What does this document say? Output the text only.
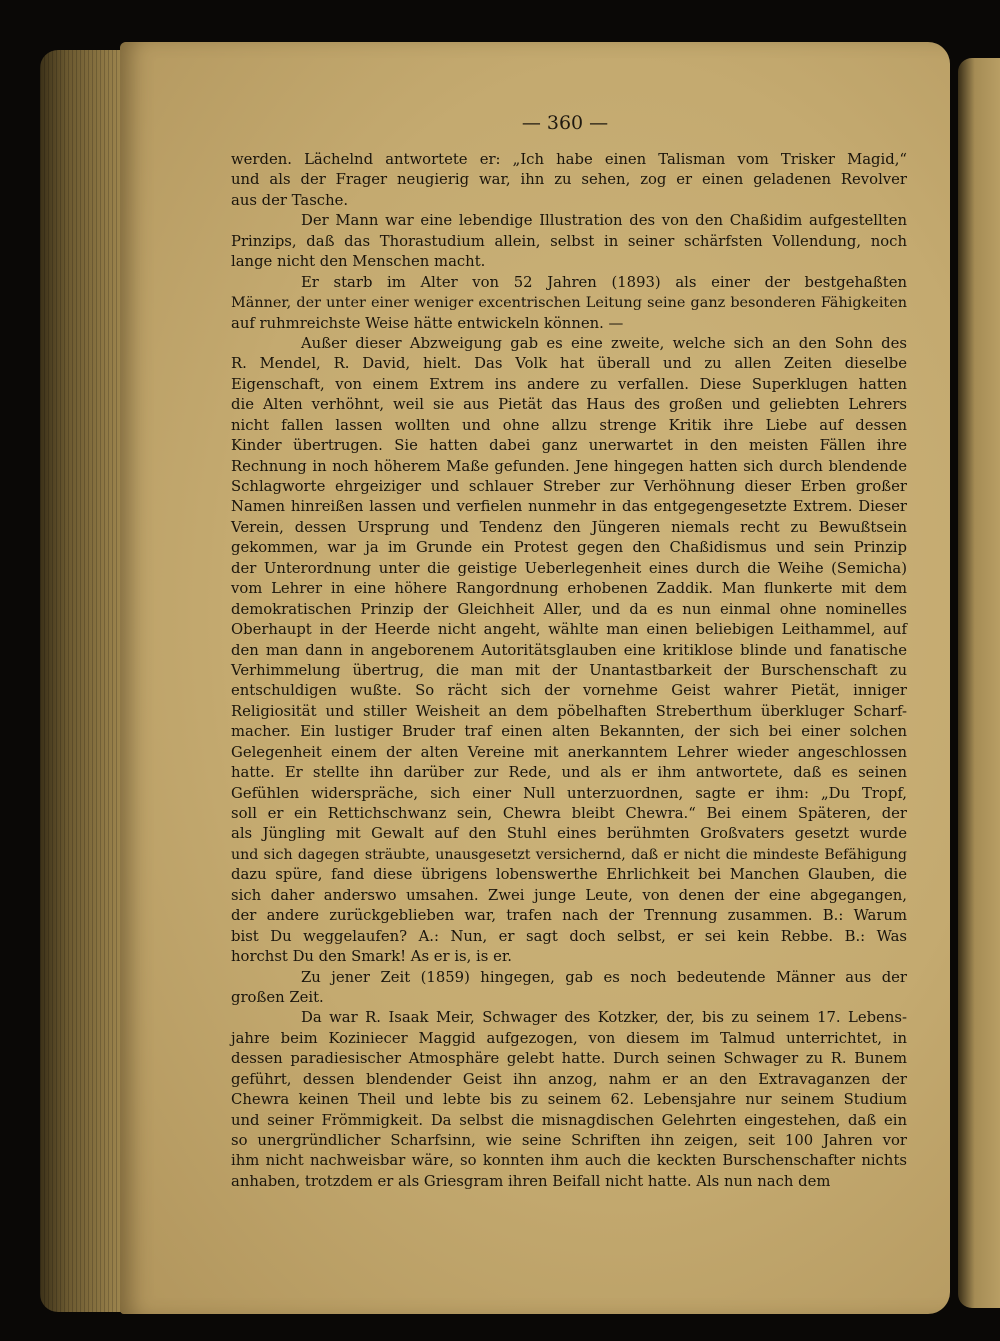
— 360 —

werden. Lächelnd antwortete er: „Ich habe einen Talisman vom Trisker Magid,“
und als der Frager neugierig war, ihn zu sehen, zog er einen geladenen Revolver
aus der Tasche.

Der Mann war eine lebendige Illustration des von den Chaßidim aufgestellten
Prinzips, daß das Thorastudium allein, selbst in seiner schärfsten Vollendung, noch
lange nicht den Menschen macht.

Er starb im Alter von 52 Jahren (1893) als einer der bestgehaßten
Männer, der unter einer weniger excentrischen Leitung seine ganz besonderen Fähigkeiten
auf ruhmreichste Weise hätte entwickeln können. —

Außer dieser Abzweigung gab es eine zweite, welche sich an den Sohn des
R. Mendel, R. David, hielt. Das Volk hat überall und zu allen Zeiten dieselbe
Eigenschaft, von einem Extrem ins andere zu verfallen. Diese Superklugen hatten
die Alten verhöhnt, weil sie aus Pietät das Haus des großen und geliebten Lehrers
nicht fallen lassen wollten und ohne allzu strenge Kritik ihre Liebe auf dessen
Kinder übertrugen. Sie hatten dabei ganz unerwartet in den meisten Fällen ihre
Rechnung in noch höherem Maße gefunden. Jene hingegen hatten sich durch blendende
Schlagworte ehrgeiziger und schlauer Streber zur Verhöhnung dieser Erben großer
Namen hinreißen lassen und verfielen nunmehr in das entgegengesetzte Extrem. Dieser
Verein, dessen Ursprung und Tendenz den Jüngeren niemals recht zu Bewußtsein
gekommen, war ja im Grunde ein Protest gegen den Chaßidismus und sein Prinzip
der Unterordnung unter die geistige Ueberlegenheit eines durch die Weihe (Semicha)
vom Lehrer in eine höhere Rangordnung erhobenen Zaddik. Man flunkerte mit dem
demokratischen Prinzip der Gleichheit Aller, und da es nun einmal ohne nominelles
Oberhaupt in der Heerde nicht angeht, wählte man einen beliebigen Leithammel, auf
den man dann in angeborenem Autoritätsglauben eine kritiklose blinde und fanatische
Verhimmelung übertrug, die man mit der Unantastbarkeit der Burschenschaft zu
entschuldigen wußte. So rächt sich der vornehme Geist wahrer Pietät, inniger
Religiosität und stiller Weisheit an dem pöbelhaften Streberthum überkluger Scharf-
macher. Ein lustiger Bruder traf einen alten Bekannten, der sich bei einer solchen
Gelegenheit einem der alten Vereine mit anerkanntem Lehrer wieder angeschlossen
hatte. Er stellte ihn darüber zur Rede, und als er ihm antwortete, daß es seinen
Gefühlen widerspräche, sich einer Null unterzuordnen, sagte er ihm: „Du Tropf,
soll er ein Rettichschwanz sein, Chewra bleibt Chewra.“ Bei einem Späteren, der
als Jüngling mit Gewalt auf den Stuhl eines berühmten Großvaters gesetzt wurde
und sich dagegen sträubte, unausgesetzt versichernd, daß er nicht die mindeste Befähigung
dazu spüre, fand diese übrigens lobenswerthe Ehrlichkeit bei Manchen Glauben, die
sich daher anderswo umsahen. Zwei junge Leute, von denen der eine abgegangen,
der andere zurückgeblieben war, trafen nach der Trennung zusammen. B.: Warum
bist Du weggelaufen? A.: Nun, er sagt doch selbst, er sei kein Rebbe. B.: Was
horchst Du den Smark! As er is, is er.

Zu jener Zeit (1859) hingegen, gab es noch bedeutende Männer aus der
großen Zeit.

Da war R. Isaak Meir, Schwager des Kotzker, der, bis zu seinem 17. Lebens-
jahre beim Koziniecer Maggid aufgezogen, von diesem im Talmud unterrichtet, in
dessen paradiesischer Atmosphäre gelebt hatte. Durch seinen Schwager zu R. Bunem
geführt, dessen blendender Geist ihn anzog, nahm er an den Extravaganzen der
Chewra keinen Theil und lebte bis zu seinem 62. Lebensjahre nur seinem Studium
und seiner Frömmigkeit. Da selbst die misnagdischen Gelehrten eingestehen, daß ein
so unergründlicher Scharfsinn, wie seine Schriften ihn zeigen, seit 100 Jahren vor
ihm nicht nachweisbar wäre, so konnten ihm auch die keckten Burschenschafter nichts
anhaben, trotzdem er als Griesgram ihren Beifall nicht hatte. Als nun nach dem
